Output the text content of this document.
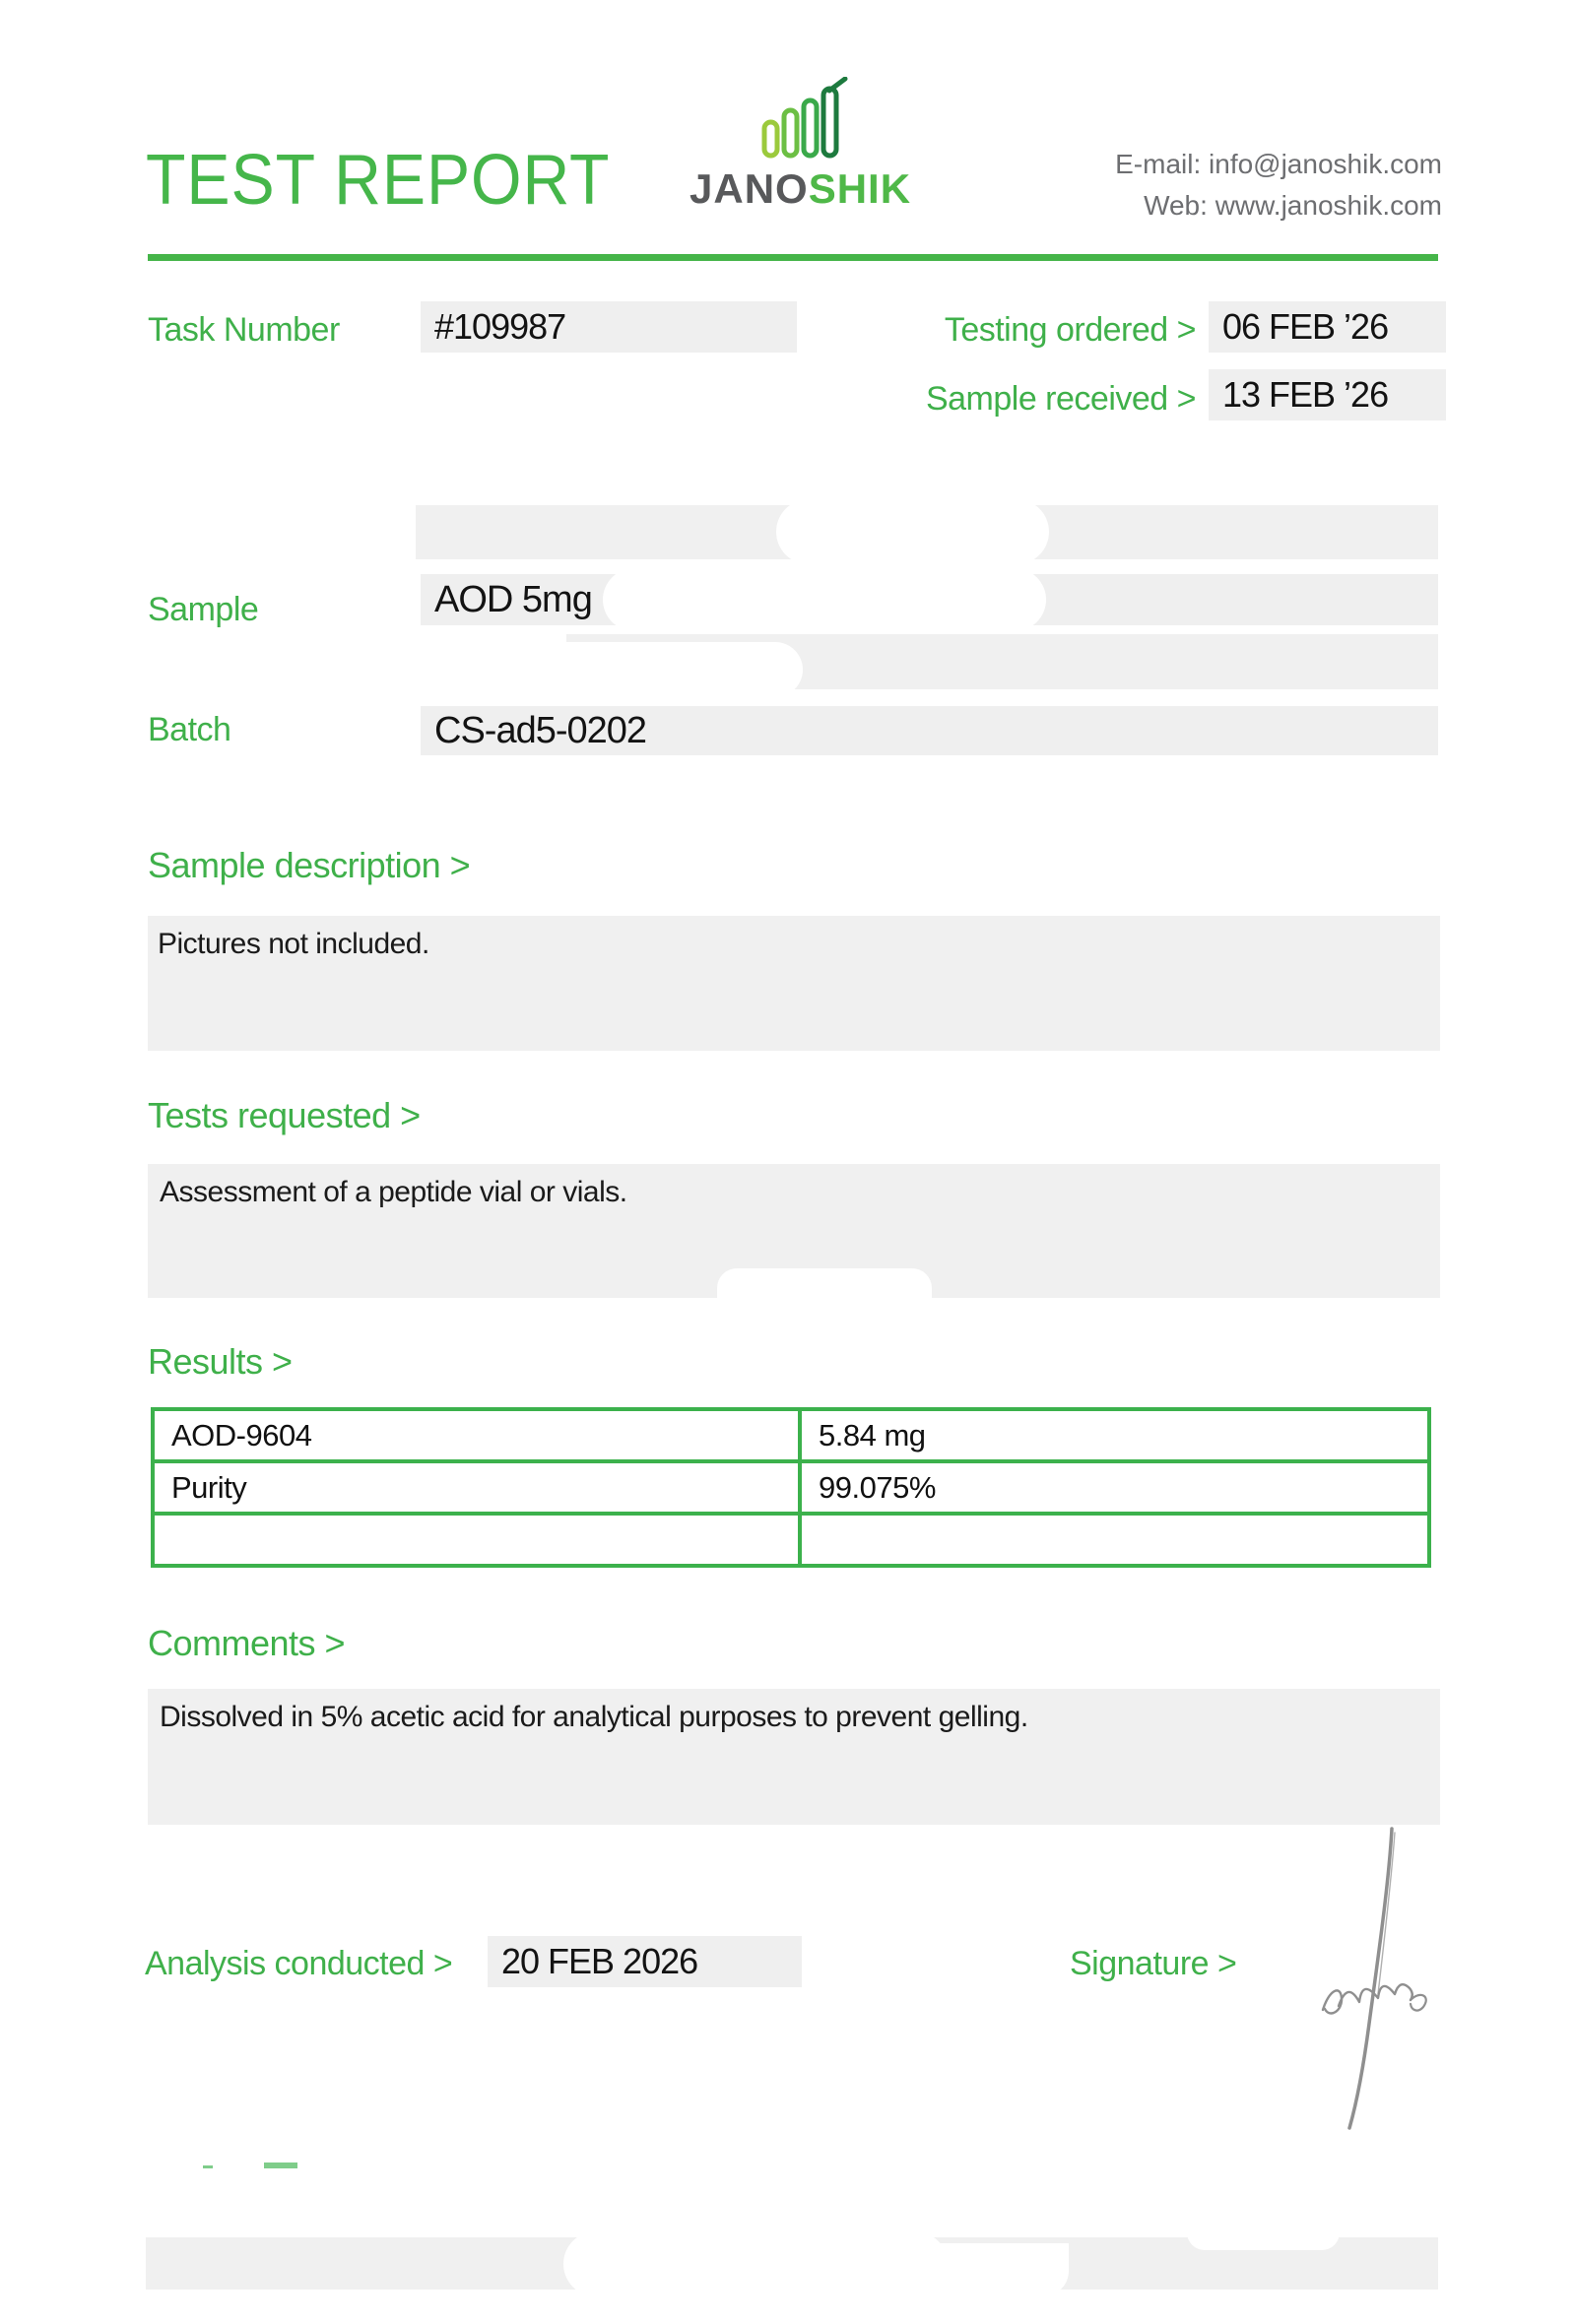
TEST REPORT JANOSHIK
E-mail: info@janoshik.com
Web: www.janoshik.com
Task Number	#109987	Testing ordered > 06 FEB ’26
Sample received > 13 FEB ’26
Sample	AOD 5mg
Batch	CS-ad5-0202
Sample description >
Pictures not included.
Tests requested >
Assessment of a peptide vial or vials.
Results >
AOD-9604	5.84 mg
Purity	99.075%

Comments >
Dissolved in 5% acetic acid for analytical purposes to prevent gelling.
Analysis conducted > 20 FEB 2026	Signature >
